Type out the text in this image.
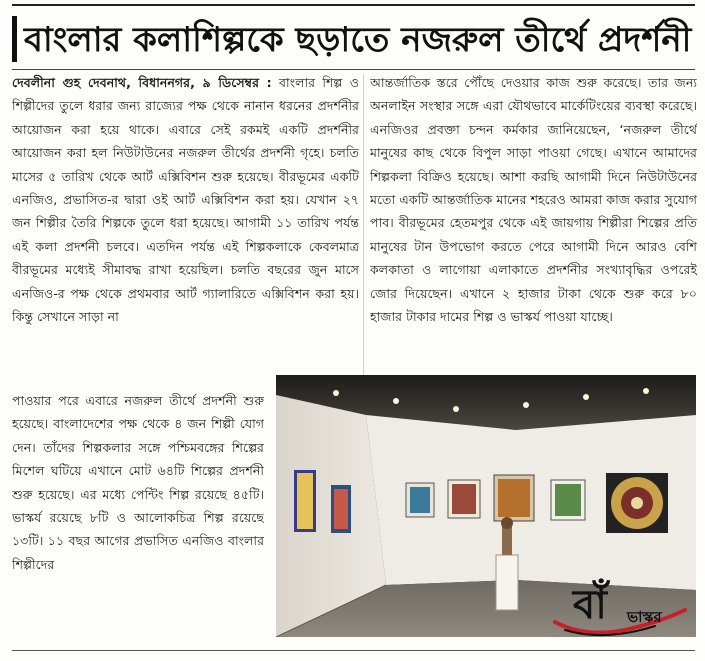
বাংলার কলাশিল্পকে ছড়াতে নজরুল তীর্থে প্রদর্শনী

দেবলীনা গুহ দেবনাথ, বিধাননগর, ৯ ডিসেম্বর : বাংলার শিল্প ও শিল্পীদের তুলে ধরার জন্য রাজ্যের পক্ষ থেকে নানান ধরনের প্রদর্শনীর আয়োজন করা হয়ে থাকে। এবারে সেই রকমই একটি প্রদর্শনীর আয়োজন করা হল নিউটাউনের নজরুল তীর্থের প্রদর্শনী গৃহে। চলতি মাসের ৫ তারিখ থেকে আর্ট এক্সিবিশন শুরু হয়েছে। বীরভূমের একটি এনজিও, প্রভাসিত-র দ্বারা ওই আর্ট এক্সিবিশন করা হয়। যেখান ২৭ জন শিল্পীর তৈরি শিল্পকে তুলে ধরা হয়েছে। আগামী ১১ তারিখ পর্যন্ত এই কলা প্রদর্শনী চলবে। এতদিন পর্যন্ত এই শিল্পকলাকে কেবলমাত্র বীরভূমের মধ্যেই সীমাবদ্ধ রাখা হয়েছিল। চলতি বছরের জুন মাসে এনজিও-র পক্ষ থেকে প্রথমবার আর্ট গ্যালারিতে এক্সিবিশন করা হয়। কিন্তু সেখানে সাড়া না

আন্তর্জাতিক স্তরে পৌঁছে দেওয়ার কাজ শুরু করেছে। তার জন্য অনলাইন সংস্থার সঙ্গে এরা যৌথভাবে মার্কেটিংয়ের ব্যবস্থা করেছে। এনজিওর প্রবক্তা চন্দন কর্মকার জানিয়েছেন, ‘নজরুল তীর্থে মানুষের কাছ থেকে বিপুল সাড়া পাওয়া গেছে। এখানে আমাদের শিল্পকলা বিক্রিও হয়েছে। আশা করছি আগামী দিনে নিউটাউনের মতো একটি আন্তর্জাতিক মানের শহরেও আমরা কাজ করার সুযোগ পাব। বীরভূমের হেতমপুর থেকে এই জায়গায় শিল্পীরা শিল্পের প্রতি মানুষের টান উপভোগ করতে পেরে আগামী দিনে আরও বেশি কলকাতা ও লাগোয়া এলাকাতে প্রদর্শনীর সংখ্যাবৃদ্ধির ওপরেই জোর দিয়েছেন। এখানে ২ হাজার টাকা থেকে শুরু করে ৮০ হাজার টাকার দামের শিল্প ও ভাস্কর্য পাওয়া যাচ্ছে।

পাওয়ার পরে এবারে নজরুল তীর্থে প্রদর্শনী শুরু হয়েছে। বাংলাদেশের পক্ষ থেকে ৪ জন শিল্পী যোগ দেন। তাঁদের শিল্পকলার সঙ্গে পশ্চিমবঙ্গের শিল্পের মিশেল ঘটিয়ে এখানে মোট ৬৪টি শিল্পের প্রদর্শনী শুরু হয়েছে। এর মধ্যে পেন্টিং শিল্প রয়েছে ৪৫টি। ভাস্কর্য রয়েছে ৮টি ও আলোকচিত্র শিল্প রয়েছে ১৩টি। ১১ বছর আগের প্রভাসিত এনজিও বাংলার শিল্পীদের

বাঁ ভাস্কর
